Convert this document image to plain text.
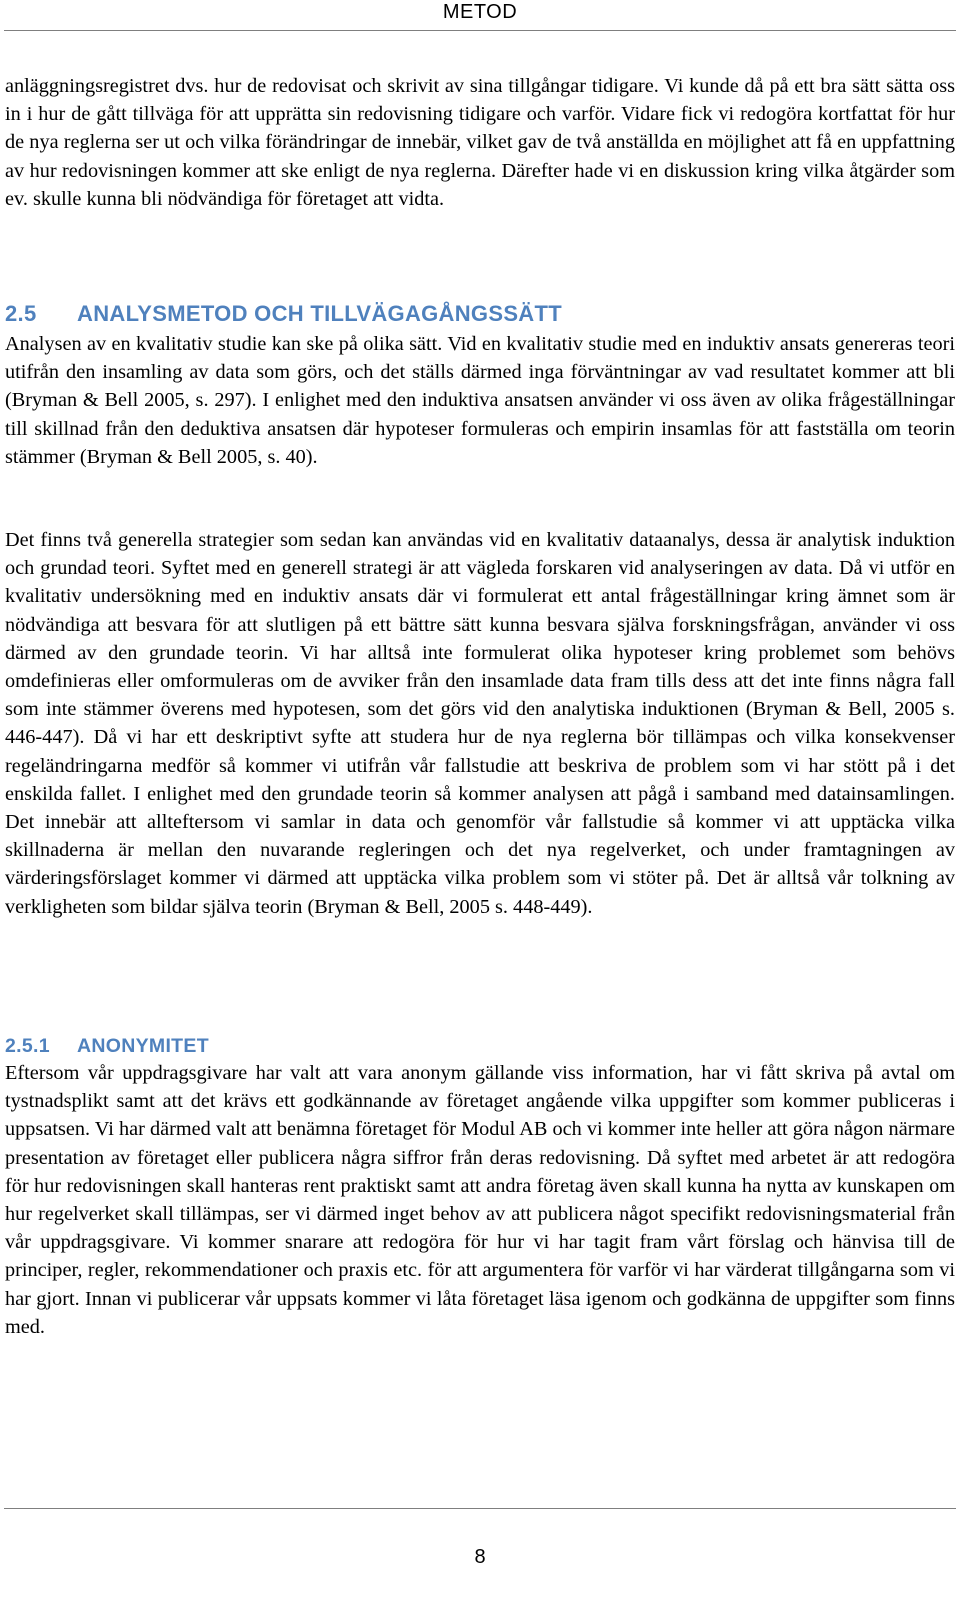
METOD

anläggningsregistret dvs. hur de redovisat och skrivit av sina tillgångar tidigare. Vi kunde då på ett bra sätt sätta oss in i hur de gått tillväga för att upprätta sin redovisning tidigare och varför. Vidare fick vi redogöra kortfattat för hur de nya reglerna ser ut och vilka förändringar de innebär, vilket gav de två anställda en möjlighet att få en uppfattning av hur redovisningen kommer att ske enligt de nya reglerna. Därefter hade vi en diskussion kring vilka åtgärder som ev. skulle kunna bli nödvändiga för företaget att vidta.

2.5 ANALYSMETOD OCH TILLVÄGAGÅNGSSÄTT

Analysen av en kvalitativ studie kan ske på olika sätt. Vid en kvalitativ studie med en induktiv ansats genereras teori utifrån den insamling av data som görs, och det ställs därmed inga förväntningar av vad resultatet kommer att bli (Bryman & Bell 2005, s. 297). I enlighet med den induktiva ansatsen använder vi oss även av olika frågeställningar till skillnad från den deduktiva ansatsen där hypoteser formuleras och empirin insamlas för att fastställa om teorin stämmer (Bryman & Bell 2005, s. 40).

Det finns två generella strategier som sedan kan användas vid en kvalitativ dataanalys, dessa är analytisk induktion och grundad teori. Syftet med en generell strategi är att vägleda forskaren vid analyseringen av data. Då vi utför en kvalitativ undersökning med en induktiv ansats där vi formulerat ett antal frågeställningar kring ämnet som är nödvändiga att besvara för att slutligen på ett bättre sätt kunna besvara själva forskningsfrågan, använder vi oss därmed av den grundade teorin. Vi har alltså inte formulerat olika hypoteser kring problemet som behövs omdefinieras eller omformuleras om de avviker från den insamlade data fram tills dess att det inte finns några fall som inte stämmer överens med hypotesen, som det görs vid den analytiska induktionen (Bryman & Bell, 2005 s. 446-447). Då vi har ett deskriptivt syfte att studera hur de nya reglerna bör tillämpas och vilka konsekvenser regeländringarna medför så kommer vi utifrån vår fallstudie att beskriva de problem som vi har stött på i det enskilda fallet. I enlighet med den grundade teorin så kommer analysen att pågå i samband med datainsamlingen. Det innebär att allteftersom vi samlar in data och genomför vår fallstudie så kommer vi att upptäcka vilka skillnaderna är mellan den nuvarande regleringen och det nya regelverket, och under framtagningen av värderingsförslaget kommer vi därmed att upptäcka vilka problem som vi stöter på. Det är alltså vår tolkning av verkligheten som bildar själva teorin (Bryman & Bell, 2005 s. 448-449).

2.5.1 ANONYMITET

Eftersom vår uppdragsgivare har valt att vara anonym gällande viss information, har vi fått skriva på avtal om tystnadsplikt samt att det krävs ett godkännande av företaget angående vilka uppgifter som kommer publiceras i uppsatsen. Vi har därmed valt att benämna företaget för Modul AB och vi kommer inte heller att göra någon närmare presentation av företaget eller publicera några siffror från deras redovisning. Då syftet med arbetet är att redogöra för hur redovisningen skall hanteras rent praktiskt samt att andra företag även skall kunna ha nytta av kunskapen om hur regelverket skall tillämpas, ser vi därmed inget behov av att publicera något specifikt redovisningsmaterial från vår uppdragsgivare. Vi kommer snarare att redogöra för hur vi har tagit fram vårt förslag och hänvisa till de principer, regler, rekommendationer och praxis etc. för att argumentera för varför vi har värderat tillgångarna som vi har gjort. Innan vi publicerar vår uppsats kommer vi låta företaget läsa igenom och godkänna de uppgifter som finns med.

8
